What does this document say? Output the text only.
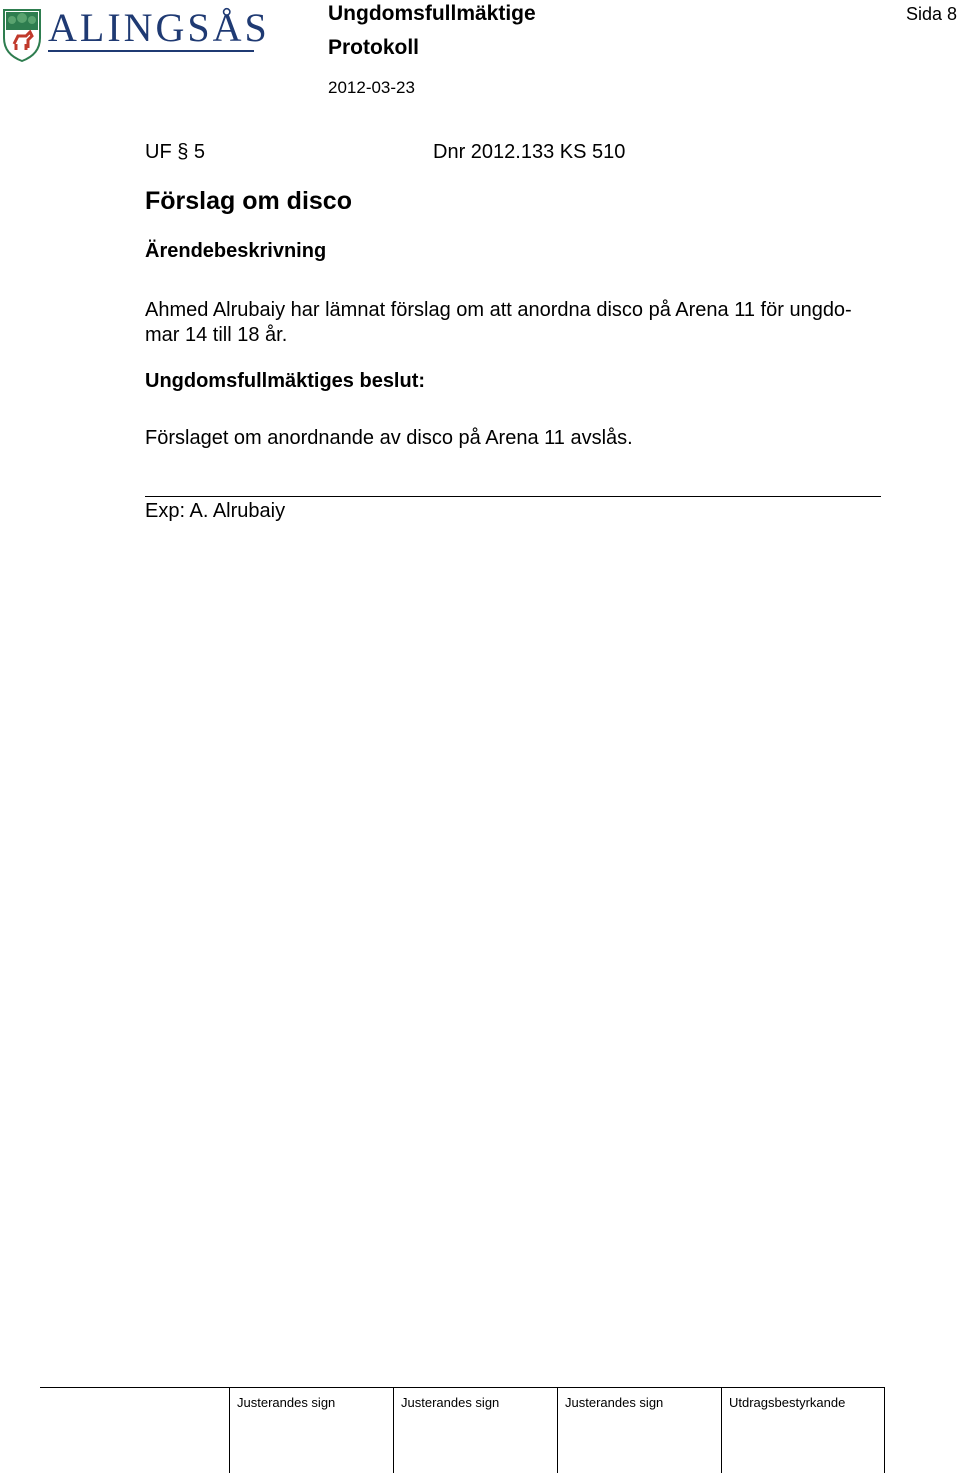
ALINGSÅS	Ungdomsfullmäktige
Protokoll
2012-03-23
Sida 8
UF § 5	Dnr 2012.133 KS 510
Förslag om disco
Ärendebeskrivning
Ahmed Alrubaiy har lämnat förslag om att anordna disco på Arena 11 för ungdo-
mar 14 till 18 år.
Ungdomsfullmäktiges beslut:
Förslaget om anordnande av disco på Arena 11 avslås.
Exp: A. Alrubaiy
Justerandes sign	Justerandes sign	Justerandes sign	Utdragsbestyrkande
